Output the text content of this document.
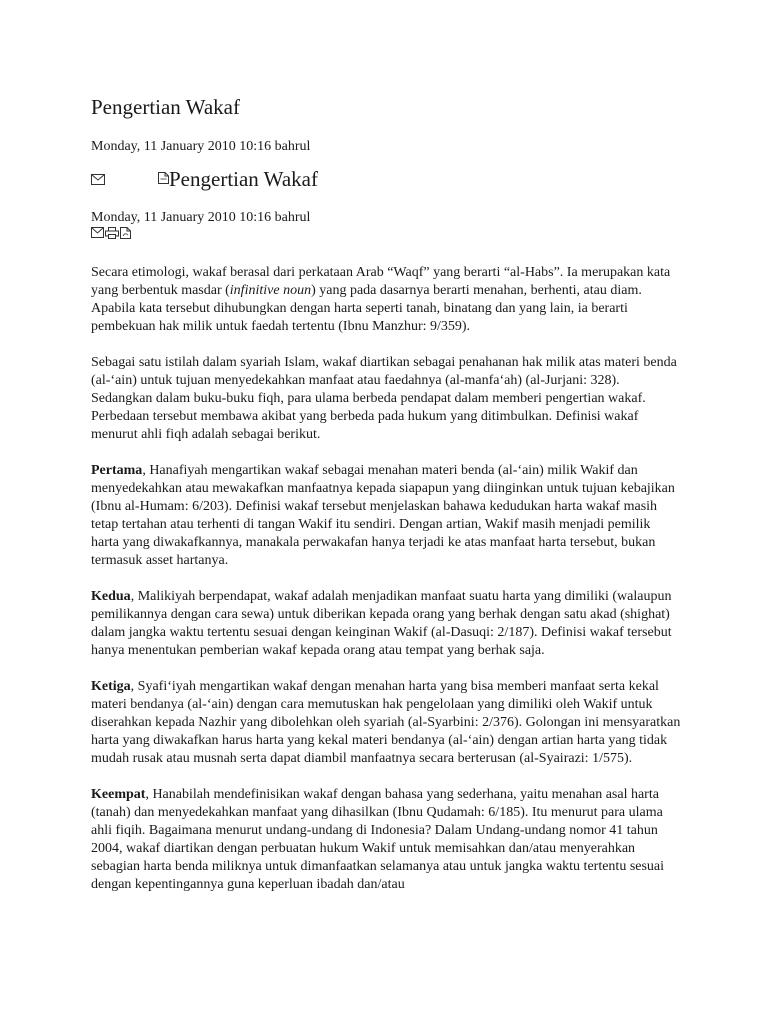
Pengertian Wakaf

Monday, 11 January 2010 10:16 bahrul

Pengertian Wakaf

Monday, 11 January 2010 10:16 bahrul

Secara etimologi, wakaf berasal dari perkataan Arab “Waqf” yang berarti “al-Habs”. Ia merupakan kata yang berbentuk masdar (infinitive noun) yang pada dasarnya berarti menahan, berhenti, atau diam. Apabila kata tersebut dihubungkan dengan harta seperti tanah, binatang dan yang lain, ia berarti pembekuan hak milik untuk faedah tertentu (Ibnu Manzhur: 9/359).

Sebagai satu istilah dalam syariah Islam, wakaf diartikan sebagai penahanan hak milik atas materi benda (al-‘ain) untuk tujuan menyedekahkan manfaat atau faedahnya (al-manfa‘ah) (al-Jurjani: 328). Sedangkan dalam buku-buku fiqh, para ulama berbeda pendapat dalam memberi pengertian wakaf. Perbedaan tersebut membawa akibat yang berbeda pada hukum yang ditimbulkan. Definisi wakaf menurut ahli fiqh adalah sebagai berikut.

Pertama, Hanafiyah mengartikan wakaf sebagai menahan materi benda (al-‘ain) milik Wakif dan menyedekahkan atau mewakafkan manfaatnya kepada siapapun yang diinginkan untuk tujuan kebajikan (Ibnu al-Humam: 6/203). Definisi wakaf tersebut menjelaskan bahawa kedudukan harta wakaf masih tetap tertahan atau terhenti di tangan Wakif itu sendiri. Dengan artian, Wakif masih menjadi pemilik harta yang diwakafkannya, manakala perwakafan hanya terjadi ke atas manfaat harta tersebut, bukan termasuk asset hartanya.

Kedua, Malikiyah berpendapat, wakaf adalah menjadikan manfaat suatu harta yang dimiliki (walaupun pemilikannya dengan cara sewa) untuk diberikan kepada orang yang berhak dengan satu akad (shighat) dalam jangka waktu tertentu sesuai dengan keinginan Wakif (al-Dasuqi: 2/187). Definisi wakaf tersebut hanya menentukan pemberian wakaf kepada orang atau tempat yang berhak saja.

Ketiga, Syafi‘iyah mengartikan wakaf dengan menahan harta yang bisa memberi manfaat serta kekal materi bendanya (al-‘ain) dengan cara memutuskan hak pengelolaan yang dimiliki oleh Wakif untuk diserahkan kepada Nazhir yang dibolehkan oleh syariah (al-Syarbini: 2/376). Golongan ini mensyaratkan harta yang diwakafkan harus harta yang kekal materi bendanya (al-‘ain) dengan artian harta yang tidak mudah rusak atau musnah serta dapat diambil manfaatnya secara berterusan (al-Syairazi: 1/575).

Keempat, Hanabilah mendefinisikan wakaf dengan bahasa yang sederhana, yaitu menahan asal harta (tanah) dan menyedekahkan manfaat yang dihasilkan (Ibnu Qudamah: 6/185). Itu menurut para ulama ahli fiqih. Bagaimana menurut undang-undang di Indonesia? Dalam Undang-undang nomor 41 tahun 2004, wakaf diartikan dengan perbuatan hukum Wakif untuk memisahkan dan/atau menyerahkan sebagian harta benda miliknya untuk dimanfaatkan selamanya atau untuk jangka waktu tertentu sesuai dengan kepentingannya guna keperluan ibadah dan/atau
